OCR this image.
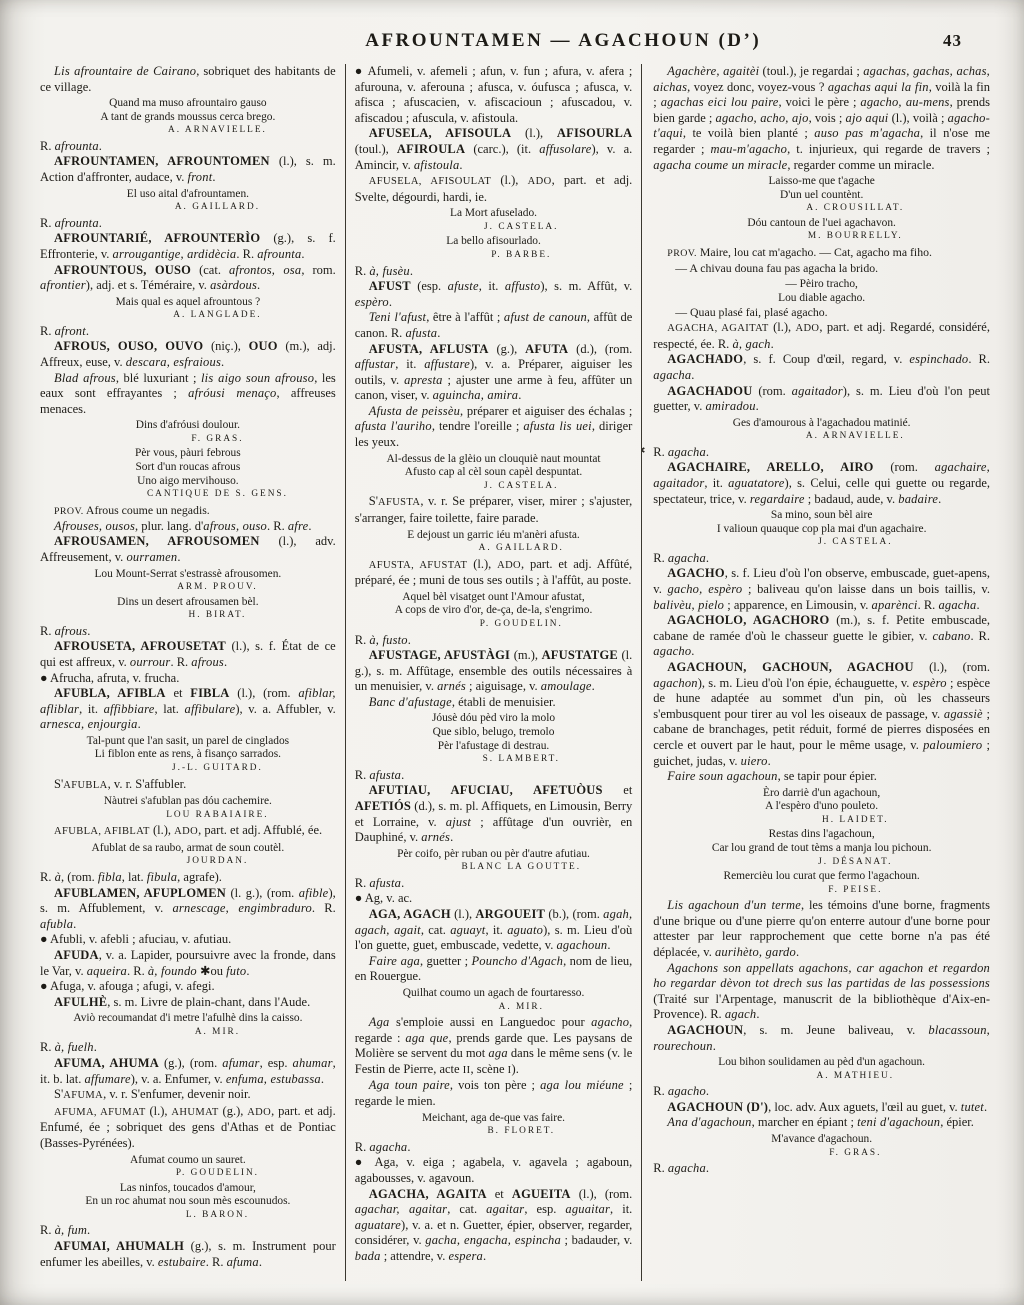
AFROUNTAMEN — AGACHOUN (D’)	43
Lis afrountaire de Cairano, sobriquet des habitants de ce village.
Quand ma muso afrountairo gauso
A tant de grands moussus cerca brego.
A. ARNAVIELLE.
R. afrounta.
AFROUNTAMEN, AFROUNTOMEN (l.), s. m. Action d'affronter, audace, v. front.
El uso aital d'afrountamen.
A. GAILLARD.
R. afrounta.
AFROUNTARIÉ, AFROUNTERÌO (g.), s. f. Effronterie, v. arrougantige, ardidècia. R. afrounta.
AFROUNTOUS, OUSO (cat. afrontos, osa, rom. afrontier), adj. et s. Téméraire, v. asàrdous.
Mais qual es aquel afrountous ?
A. LANGLADE.
R. afront.
AFROUS, OUSO, OUVO (niç.), OUO (m.), adj. Affreux, euse, v. descara, esfraious.
Blad afrous, blé luxuriant ; lis aigo soun afrouso, les eaux sont effrayantes ; afróusi menaço, affreuses menaces.
Dins d'afróusi doulour.
F. GRAS.
Pèr vous, pàuri febrous
Sort d'un roucas afrous
Uno aigo mervihouso.
CANTIQUE DE S. GENS.
PROV. Afrous coume un negadis.
Afrouses, ousos, plur. lang. d'afrous, ouso. R. afre.
AFROUSAMEN, AFROUSOMEN (l.), adv. Affreusement, v. ourramen.
Lou Mount-Serrat s'estrassè afrousomen.
ARM. PROUV.
Dins un desert afrousamen bèl.
H. BIRAT.
R. afrous.
AFROUSETA, AFROUSETAT (l.), s. f. État de ce qui est affreux, v. ourrour. R. afrous.
● Afrucha, afruta, v. frucha.
AFUBLA, AFIBLA et FIBLA (l.), (rom. afiblar, afliblar, it. affibbiare, lat. affibulare), v. a. Affubler, v. arnesca, enjourgia.
Tal-punt que l'an sasit, un parel de cinglados
Li fiblon ente as rens, à fisanço sarrados.
J.-L. GUITARD.
S'AFUBLA, v. r. S'affubler.
Nàutrei s'afublan pas dóu cachemire.
LOU RABAIAIRE.
AFUBLA, AFIBLAT (l.), ADO, part. et adj. Affublé, ée.
Afublat de sa raubo, armat de soun coutèl.
JOURDAN.
R. à, (rom. fibla, lat. fibula, agrafe).
AFUBLAMEN, AFUPLOMEN (l. g.), (rom. afible), s. m. Affublement, v. arnescage, engimbraduro. R. afubla.
● Afubli, v. afebli ; afuciau, v. afutiau.
AFUDA, v. a. Lapider, poursuivre avec la fronde, dans le Var, v. aqueira. R. à, foundo ✱ou futo.
● Afuga, v. afouga ; afugi, v. afegi.
AFULHÈ, s. m. Livre de plain-chant, dans l'Aude.
Aviò recoumandat d'i metre l'afulhè dins la caisso.
A. MIR.
R. à, fuelh.
AFUMA, AHUMA (g.), (rom. afumar, esp. ahumar, it. b. lat. affumare), v. a. Enfumer, v. enfuma, estubassa.
S'AFUMA, v. r. S'enfumer, devenir noir.
AFUMA, AFUMAT (l.), AHUMAT (g.), ADO, part. et adj. Enfumé, ée ; sobriquet des gens d'Athas et de Pontiac (Basses-Pyrénées).
Afumat coumo un sauret.
P. GOUDELIN.
Las ninfos, toucados d'amour,
En un roc ahumat nou soun mès escounudos.
L. BARON.
R. à, fum.
AFUMAI, AHUMALH (g.), s. m. Instrument pour enfumer les abeilles, v. estubaire. R. afuma.
● Afumeli, v. afemeli ; afun, v. fun ; afura, v. afera ; afurouna, v. aferouna ; afusca, v. óufusca ; afusca, v. afisca ; afuscacien, v. afiscacioun ; afuscadou, v. afiscadou ; afuscula, v. afistoula.
AFUSELA, AFISOULA (l.), AFISOURLA (toul.), AFIROULA (carc.), (it. affusolare), v. a. Amincir, v. afistoula.
AFUSELA, AFISOULAT (l.), ADO, part. et adj. Svelte, dégourdi, hardi, ie.
La Mort afuselado.
J. CASTELA.
La bello afisourlado.
P. BARBE.
R. à, fusèu.
AFUST (esp. afuste, it. affusto), s. m. Affût, v. espèro.
Teni l'afust, être à l'affût ; afust de canoun, affût de canon. R. afusta.
AFUSTA, AFLUSTA (g.), AFUTA (d.), (rom. affustar, it. affustare), v. a. Préparer, aiguiser les outils, v. apresta ; ajuster une arme à feu, affûter un canon, viser, v. aguincha, amira.
Afusta de peissèu, préparer et aiguiser des échalas ; afusta l'auriho, tendre l'oreille ; afusta lis uei, diriger les yeux.
Al-dessus de la glèio un clouquiè naut mountat
Afusto cap al cèl soun capèl despuntat.
J. CASTELA.
S'AFUSTA, v. r. Se préparer, viser, mirer ; s'ajuster, s'arranger, faire toilette, faire parade.
E dejoust un garric iéu m'anèri afusta.
A. GAILLARD.
AFUSTA, AFUSTAT (l.), ADO, part. et adj. Affûté, préparé, ée ; muni de tous ses outils ; à l'affût, au poste.
Aquel bèl visatget ount l'Amour afustat,
A cops de viro d'or, de-ça, de-la, s'engrimo.
P. GOUDELIN.
R. à, fusto.
AFUSTAGE, AFUSTÀGI (m.), AFUSTATGE (l. g.), s. m. Affûtage, ensemble des outils nécessaires à un menuisier, v. arnés ; aiguisage, v. amoulage.
Banc d'afustage, établi de menuisier.
Jóusè dóu pèd viro la molo
Que siblo, belugo, tremolo
Pèr l'afustage di destrau.
S. LAMBERT.
R. afusta.
AFUTIAU, AFUCIAU, AFETUÒUS et AFETIÓS (d.), s. m. pl. Affiquets, en Limousin, Berry et Lorraine, v. ajust ; affûtage d'un ouvrièr, en Dauphiné, v. arnés.
Pèr coifo, pèr ruban ou pèr d'autre afutiau.
BLANC LA GOUTTE.
R. afusta.
● Ag, v. ac.
AGA, AGACH (l.), ARGOUEIT (b.), (rom. agah, agach, agait, cat. aguayt, it. aguato), s. m. Lieu d'où l'on guette, guet, embuscade, vedette, v. agachoun.
Faire aga, guetter ; Pouncho d'Agach, nom de lieu, en Rouergue.
Quilhat coumo un agach de fourtaresso.
A. MIR.
Aga s'emploie aussi en Languedoc pour agacho, regarde : aga que, prends garde que. Les paysans de Molière se servent du mot aga dans le même sens (v. le Festin de Pierre, acte II, scène I).
Aga toun paire, vois ton père ; aga lou miéune ; regarde le mien.
Meichant, aga de-que vas faire.
B. FLORET.
R. agacha.
● Aga, v. eiga ; agabela, v. agavela ; agaboun, agabousses, v. agavoun.
AGACHA, AGAITA et AGUEITA (l.), (rom. agachar, agaitar, cat. agaitar, esp. aguaitar, it. aguatare), v. a. et n. Guetter, épier, observer, regarder, considérer, v. gacha, engacha, espincha ; badauder, v. bada ; attendre, v. espera.
Agachère, agaitèi (toul.), je regardai ; agachas, gachas, achas, aichas, voyez donc, voyez-vous ? agachas aqui la fin, voilà la fin ; agachas eici lou paire, voici le père ; agacho, au-mens, prends bien garde ; agacho, acho, ajo, vois ; ajo aqui (l.), voilà ; agacho-t'aqui, te voilà bien planté ; auso pas m'agacha, il n'ose me regarder ; mau-m'agacho, t. injurieux, qui regarde de travers ; agacha coume un miracle, regarder comme un miracle.
Laisso-me que t'agache
D'un uel countènt.
A. CROUSILLAT.
Dóu cantoun de l'uei agachavon.
M. BOURRELLY.
PROV. Maire, lou cat m'agacho. — Cat, agacho ma fiho.
— A chivau douna fau pas agacha la brido.
— Pèiro tracho,
Lou diable agacho.
— Quau plasé fai, plasé agacho.
AGACHA, AGAITAT (l.), ADO, part. et adj. Regardé, considéré, respecté, ée. R. à, gach.
AGACHADO, s. f. Coup d'œil, regard, v. espinchado. R. agacha.
AGACHADOU (rom. agaitador), s. m. Lieu d'où l'on peut guetter, v. amiradou.
Ges d'amourous à l'agachadou matinié.
A. ARNAVIELLE.
✱ R. agacha.
AGACHAIRE, ARELLO, AIRO (rom. agachaire, agaitador, it. aguatatore), s. Celui, celle qui guette ou regarde, spectateur, trice, v. regardaire ; badaud, aude, v. badaire.
Sa mino, soun bèl aire
I valioun quauque cop pla mai d'un agachaire.
J. CASTELA.
R. agacha.
AGACHO, s. f. Lieu d'où l'on observe, embuscade, guet-apens, v. gacho, espèro ; baliveau qu'on laisse dans un bois taillis, v. balivèu, pielo ; apparence, en Limousin, v. aparènci. R. agacha.
AGACHOLO, AGACHORO (m.), s. f. Petite embuscade, cabane de ramée d'où le chasseur guette le gibier, v. cabano. R. agacho.
AGACHOUN, GACHOUN, AGACHOU (l.), (rom. agachon), s. m. Lieu d'où l'on épie, échauguette, v. espèro ; espèce de hune adaptée au sommet d'un pin, où les chasseurs s'embusquent pour tirer au vol les oiseaux de passage, v. agassiè ; cabane de branchages, petit réduit, formé de pierres disposées en cercle et ouvert par le haut, pour le même usage, v. paloumiero ; guichet, judas, v. uiero.
Faire soun agachoun, se tapir pour épier.
Èro darriè d'un agachoun,
A l'espèro d'uno pouleto.
H. LAIDET.
Restas dins l'agachoun,
Car lou grand de tout tèms a manja lou pichoun.
J. DÉSANAT.
Remercièu lou curat que fermo l'agachoun.
F. PEISE.
Lis agachoun d'un terme, les témoins d'une borne, fragments d'une brique ou d'une pierre qu'on enterre autour d'une borne pour attester par leur rapprochement que cette borne n'a pas été déplacée, v. aurihèto, gardo.
Agachons son appellats agachons, car agachon et regardon ho regardar dèvon tot drech sus las partidas de las possessions (Traité sur l'Arpentage, manuscrit de la bibliothèque d'Aix-en-Provence). R. agach.
AGACHOUN, s. m. Jeune baliveau, v. blacassoun, rourechoun.
Lou bihon soulidamen au pèd d'un agachoun.
A. MATHIEU.
R. agacho.
AGACHOUN (D'), loc. adv. Aux aguets, l'œil au guet, v. tutet.
Ana d'agachoun, marcher en épiant ; teni d'agachoun, épier.
M'avance d'agachoun.
F. GRAS.
R. agacha.
